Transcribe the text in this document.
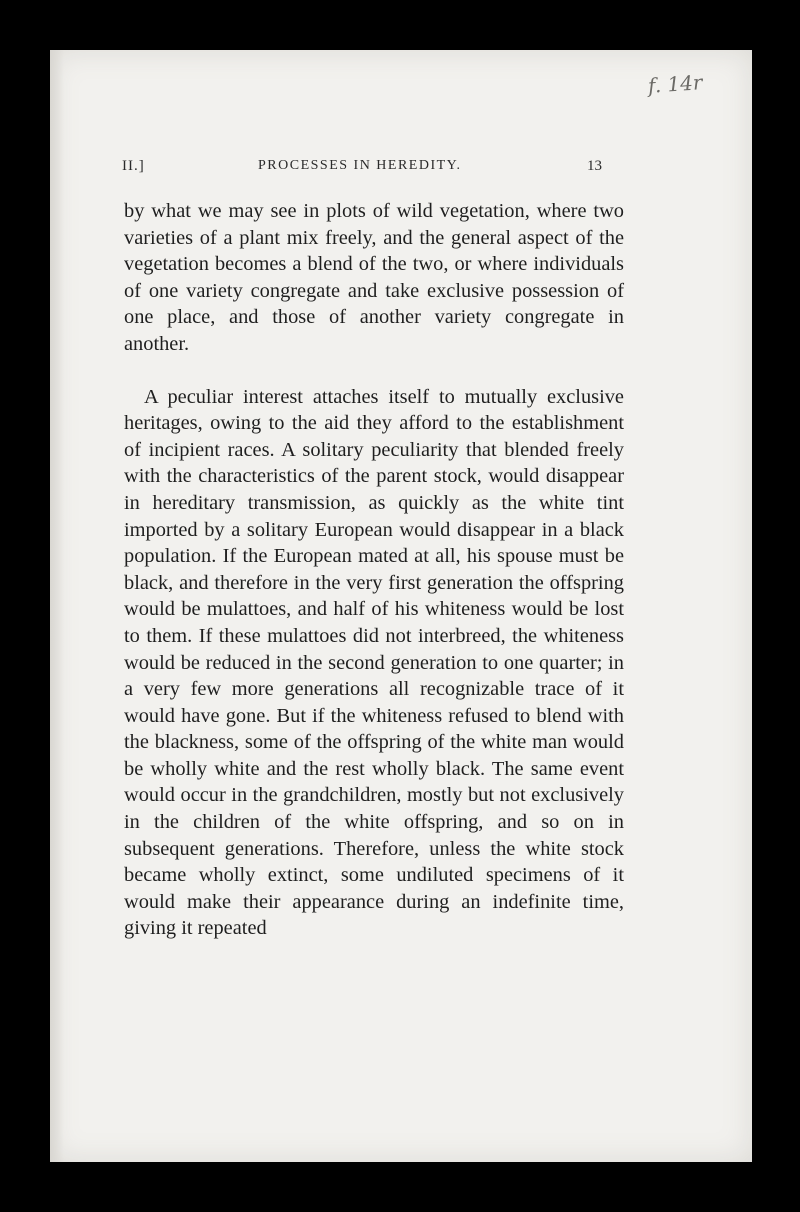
f. 14r
II.]	PROCESSES IN HEREDITY.	13

by what we may see in plots of wild vegetation, where two varieties of a plant mix freely, and the general aspect of the vegetation becomes a blend of the two, or where individuals of one variety congregate and take exclusive possession of one place, and those of another variety congregate in another.

A peculiar interest attaches itself to mutually exclusive heritages, owing to the aid they afford to the establishment of incipient races. A solitary peculiarity that blended freely with the characteristics of the parent stock, would disappear in hereditary transmission, as quickly as the white tint imported by a solitary European would disappear in a black population. If the European mated at all, his spouse must be black, and therefore in the very first generation the offspring would be mulattoes, and half of his whiteness would be lost to them. If these mulattoes did not interbreed, the whiteness would be reduced in the second generation to one quarter; in a very few more generations all recognizable trace of it would have gone. But if the whiteness refused to blend with the blackness, some of the offspring of the white man would be wholly white and the rest wholly black. The same event would occur in the grandchildren, mostly but not exclusively in the children of the white offspring, and so on in subsequent generations. Therefore, unless the white stock became wholly extinct, some undiluted specimens of it would make their appearance during an indefinite time, giving it repeated
